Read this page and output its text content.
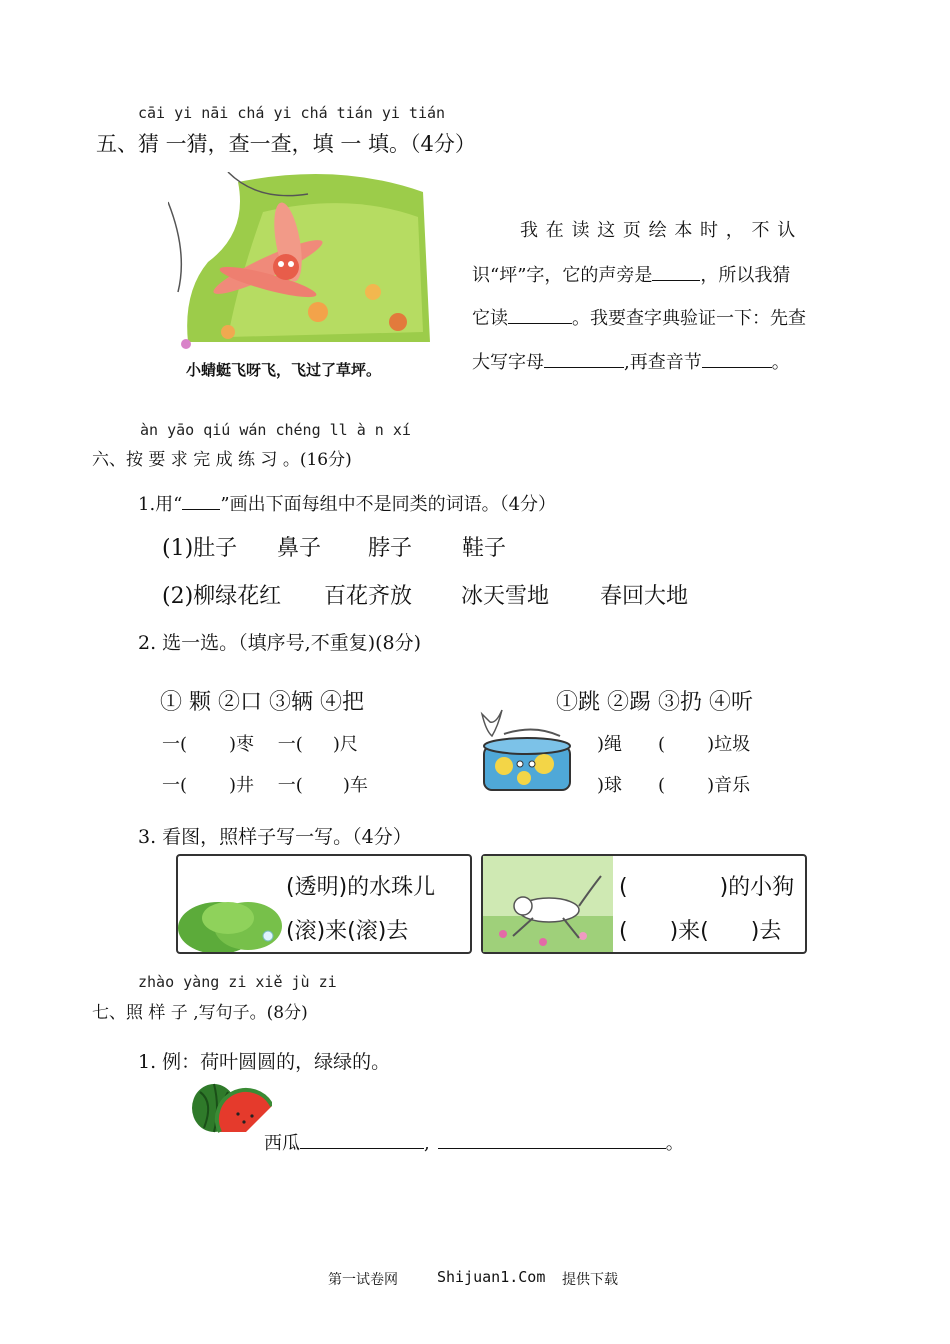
cāi yi nāi chá yi chá tián yi tián
五、猜 一猜，查一查，填 一 填。（4分）
小蜻蜓飞呀飞，飞过了草坪。
我 在 读 这 页 绘 本 时 ， 不 认
识“坪”字，它的声旁是	，所以我猜
它读	。我要查字典验证一下：先查
大写字母	,再查音节	。
àn yāo qiú wán chéng ll à n xí
六、按 要 求 完 成 练 习 。(16分)
1.用“ ”画出下面每组中不是同类的词语。（4分）
(1)肚子 鼻子 脖子 鞋子
(2)柳绿花红 百花齐放 冰天雪地 春回大地
2. 选一选。（填序号,不重复)(8分)
① 颗 ②口 ③辆 ④把
一( )枣 一( )尺
一( )井 一( )车
①跳 ②踢 ③扔 ④听
)绳 ( )垃圾
)球 ( )音乐
3. 看图，照样子写一写。（4分）
(透明)的水珠儿
(滚)来(滚)去
(	)的小狗
( )来( )去
zhào yàng zi xiě jù zi
七、照 样 子 ,写句子。(8分)
1. 例：荷叶圆圆的，绿绿的。
西瓜	,	。
第一试卷网	Shijuan1.Com 提供下载
